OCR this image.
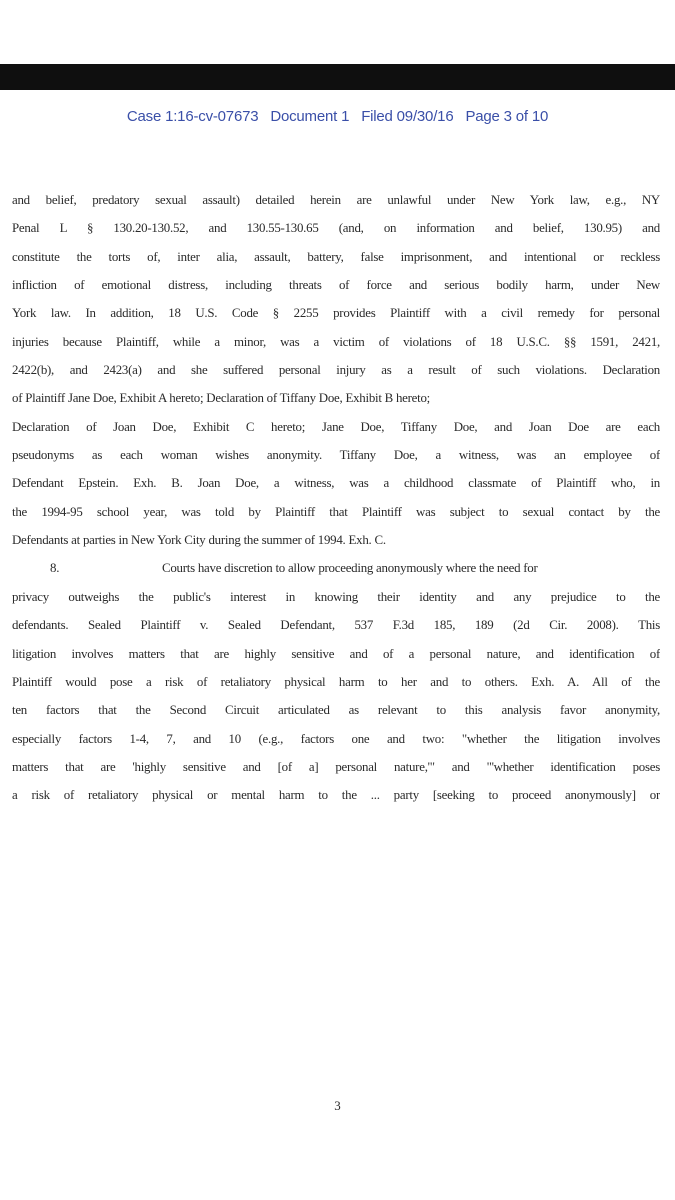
Case 1:16-cv-07673 Document 1 Filed 09/30/16 Page 3 of 10
and belief, predatory sexual assault) detailed herein are unlawful under New York law, e.g., NY
Penal L § 130.20-130.52, and 130.55-130.65 (and, on information and belief, 130.95) and
constitute the torts of, inter alia, assault, battery, false imprisonment, and intentional or reckless
infliction of emotional distress, including threats of force and serious bodily harm, under New
York law. In addition, 18 U.S. Code § 2255 provides Plaintiff with a civil remedy for personal
injuries because Plaintiff, while a minor, was a victim of violations of 18 U.S.C. §§ 1591, 2421,
2422(b), and 2423(a) and she suffered personal injury as a result of such violations. Declaration
of Plaintiff Jane Doe, Exhibit A hereto; Declaration of Tiffany Doe, Exhibit B hereto;
Declaration of Joan Doe, Exhibit C hereto; Jane Doe, Tiffany Doe, and Joan Doe are each
pseudonyms as each woman wishes anonymity. Tiffany Doe, a witness, was an employee of
Defendant Epstein. Exh. B. Joan Doe, a witness, was a childhood classmate of Plaintiff who, in
the 1994-95 school year, was told by Plaintiff that Plaintiff was subject to sexual contact by the
Defendants at parties in New York City during the summer of 1994. Exh. C.
8.	Courts have discretion to allow proceeding anonymously where the need for
privacy outweighs the public's interest in knowing their identity and any prejudice to the
defendants. Sealed Plaintiff v. Sealed Defendant, 537 F.3d 185, 189 (2d Cir. 2008). This
litigation involves matters that are highly sensitive and of a personal nature, and identification of
Plaintiff would pose a risk of retaliatory physical harm to her and to others. Exh. A. All of the
ten factors that the Second Circuit articulated as relevant to this analysis favor anonymity,
especially factors 1-4, 7, and 10 (e.g., factors one and two: "whether the litigation involves
matters that are 'highly sensitive and [of a] personal nature,'" and "'whether identification poses
a risk of retaliatory physical or mental harm to the ... party [seeking to proceed anonymously] or
3
